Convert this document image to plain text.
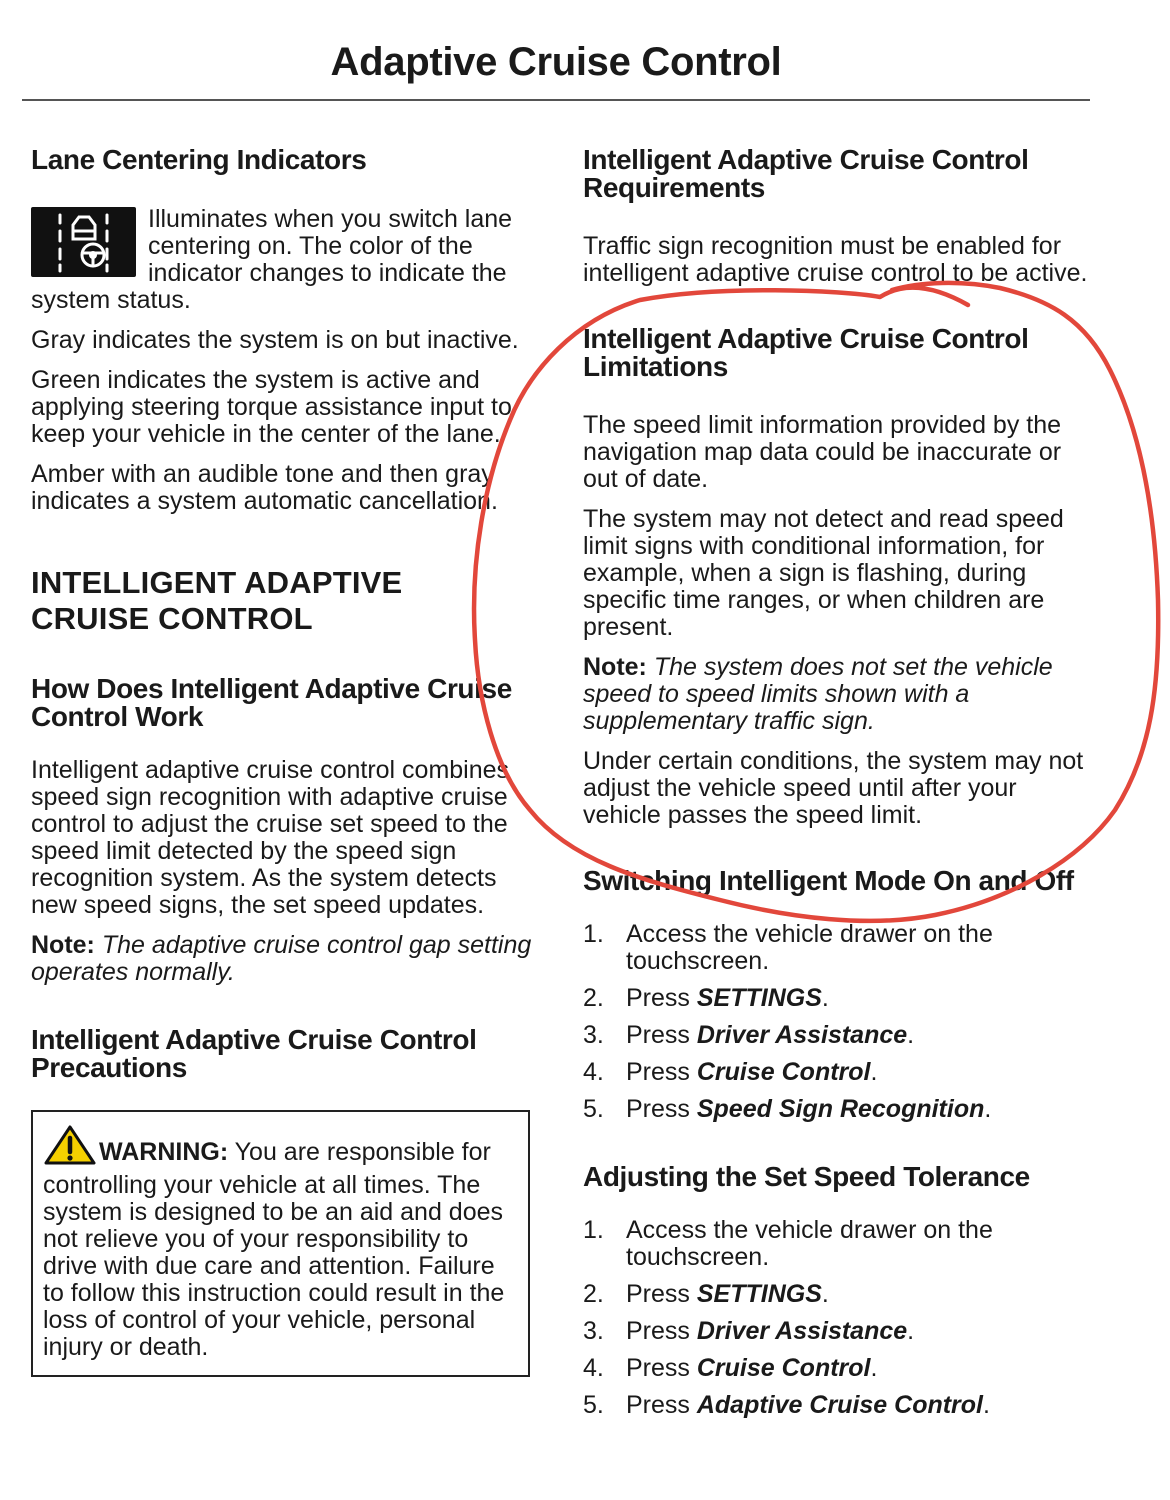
Adaptive Cruise Control
Lane Centering Indicators

Illuminates when you switch lane centering on. The color of the indicator changes to indicate the system status.

Gray indicates the system is on but inactive.

Green indicates the system is active and applying steering torque assistance input to keep your vehicle in the center of the lane.

Amber with an audible tone and then gray indicates a system automatic cancellation.

INTELLIGENT ADAPTIVE CRUISE CONTROL
How Does Intelligent Adaptive Cruise Control Work

Intelligent adaptive cruise control combines speed sign recognition with adaptive cruise control to adjust the cruise set speed to the speed limit detected by the speed sign recognition system. As the system detects new speed signs, the set speed updates.

Note: The adaptive cruise control gap setting operates normally.

Intelligent Adaptive Cruise Control Precautions

WARNING: You are responsible for controlling your vehicle at all times. The system is designed to be an aid and does not relieve you of your responsibility to drive with due care and attention. Failure to follow this instruction could result in the loss of control of your vehicle, personal injury or death.

Intelligent Adaptive Cruise Control Requirements

Traffic sign recognition must be enabled for intelligent adaptive cruise control to be active.

Intelligent Adaptive Cruise Control Limitations

The speed limit information provided by the navigation map data could be inaccurate or out of date.

The system may not detect and read speed limit signs with conditional information, for example, when a sign is flashing, during specific time ranges, or when children are present.

Note: The system does not set the vehicle speed to speed limits shown with a supplementary traffic sign.

Under certain conditions, the system may not adjust the vehicle speed until after your vehicle passes the speed limit.

Switching Intelligent Mode On and Off
1. Access the vehicle drawer on the touchscreen.
2. Press SETTINGS.
3. Press Driver Assistance.
4. Press Cruise Control.
5. Press Speed Sign Recognition.
Adjusting the Set Speed Tolerance
1. Access the vehicle drawer on the touchscreen.
2. Press SETTINGS.
3. Press Driver Assistance.
4. Press Cruise Control.
5. Press Adaptive Cruise Control.
